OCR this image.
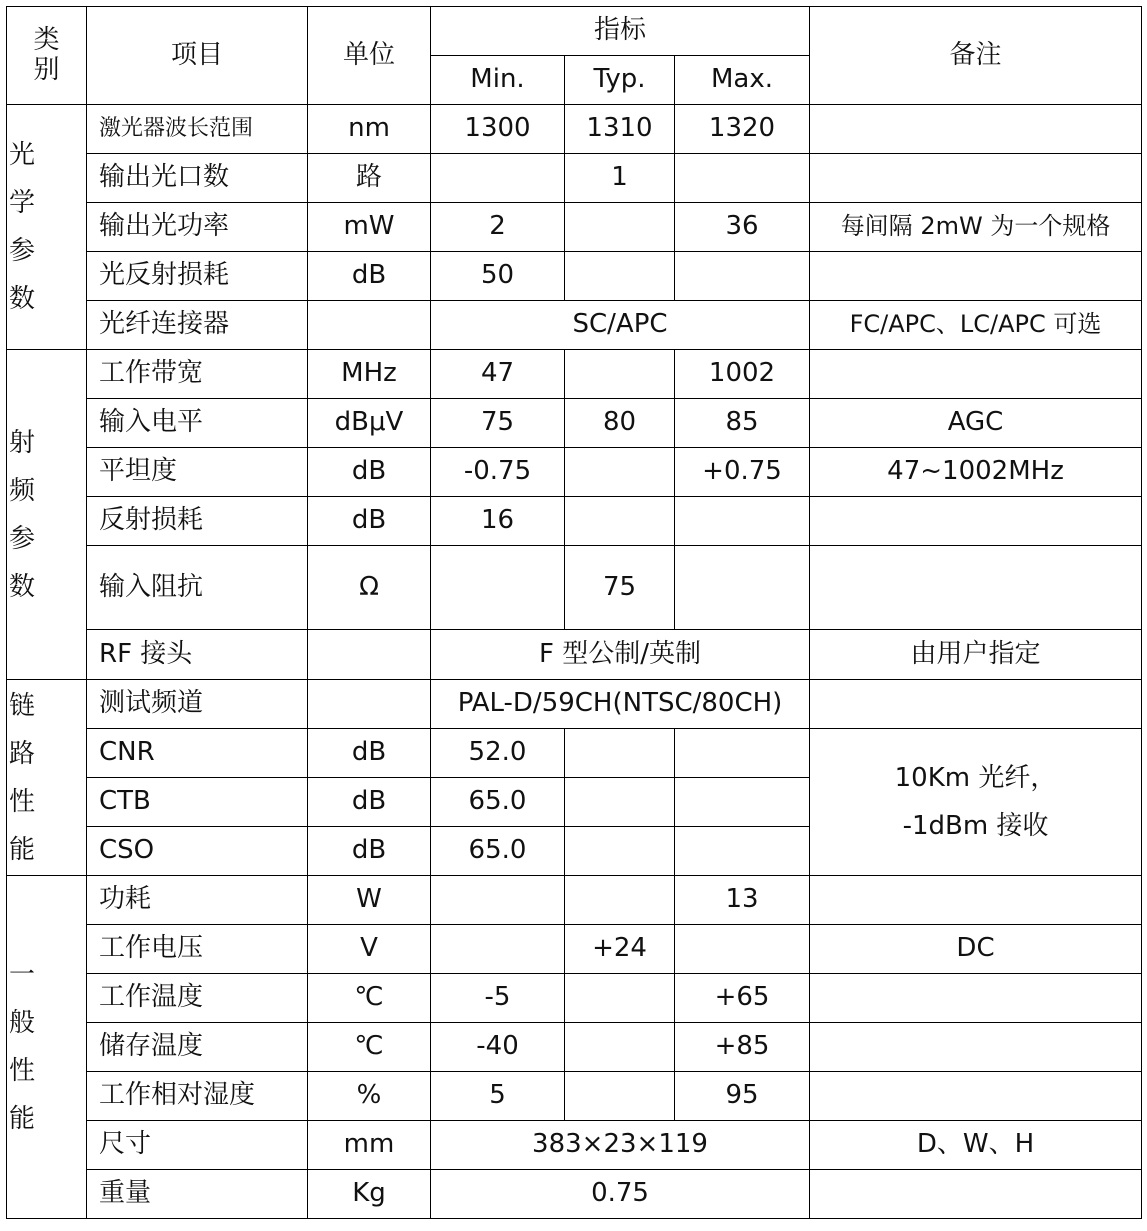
类别	项目	单位	指标			备注
			Min.	Typ.	Max.	

光学参数	激光器波长范围	nm	1300	1310	1320	
	输出光口数	路		1		
	输出光功率	mW	2		36	每间隔 2mW 为一个规格
	光反射损耗	dB	50			
	光纤连接器		SC/APC			FC/APC、LC/APC 可选

射频参数	工作带宽	MHz	47		1002	
	输入电平	dBμV	75	80	85	AGC
	平坦度	dB	-0.75		+0.75	47~1002MHz
	反射损耗	dB	16			
	输入阻抗	Ω		75		
	RF 接头		F 型公制/英制			由用户指定

链路性能	测试频道		PAL-D/59CH(NTSC/80CH)			
	CNR	dB	52.0			10Km 光纤，
-1dBm 接收

	CTB	dB	65.0			
	CSO	dB	65.0			

一般性能	功耗	W			13	
	工作电压	V		+24		DC
	工作温度	℃	-5		+65	
	储存温度	℃	-40		+85	
	工作相对湿度	%	5		95	
	尺寸	mm	383×23×119			D、W、H
	重量	Kg	0.75			
